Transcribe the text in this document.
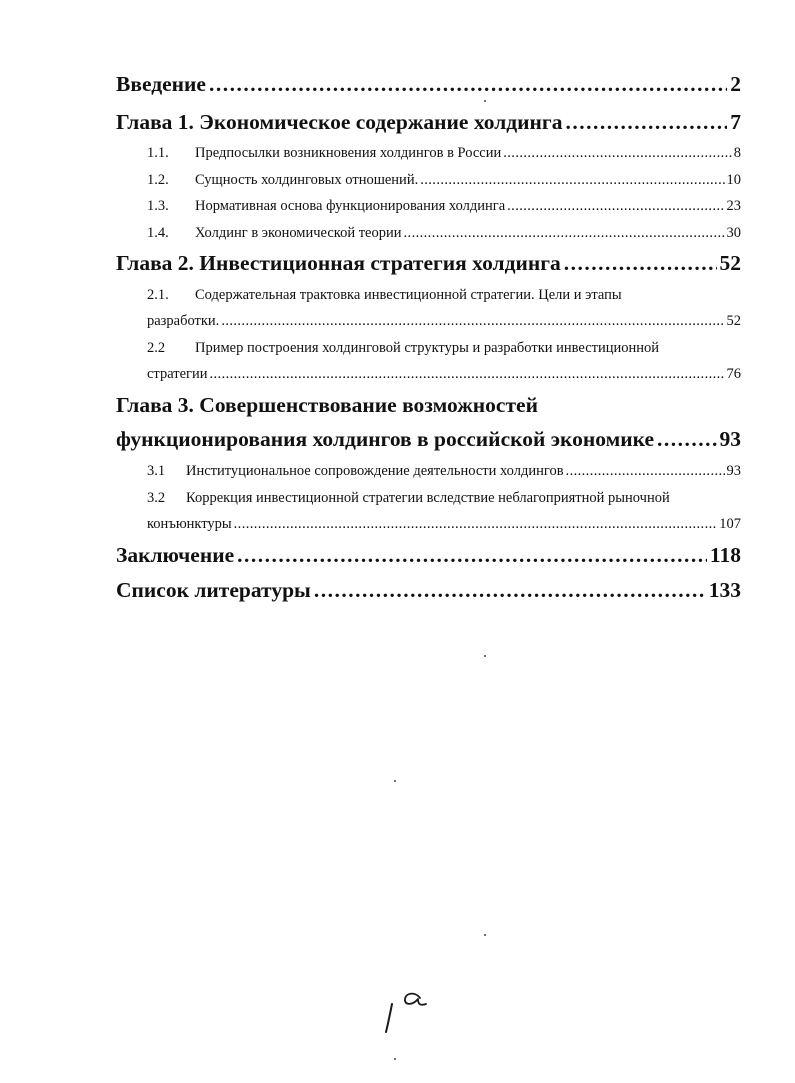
Введение .....	2
Глава 1. Экономическое содержание холдинга .....	7
1.1.	Предпосылки возникновения холдингов в России .....	8
1.2.	Сущность холдинговых отношений. .....	10
1.3.	Нормативная основа функционирования холдинга .....	23
1.4.	Холдинг в экономической теории .....	30
Глава 2. Инвестиционная стратегия холдинга .....	52
2.1. Содержательная трактовка инвестиционной стратегии. Цели и этапы
разработки. .....	52
2.2 Пример построения холдинговой структуры и разработки инвестиционной
стратегии .....	76
Глава 3. Совершенствование возможностей
функционирования холдингов в российской экономике .....	93
3.1	Институциональное сопровождение деятельности холдингов .....	93
3.2 Коррекция инвестиционной стратегии вследствие неблагоприятной рыночной
конъюнктуры .....	107
Заключение .....	118
Список литературы .....	133
